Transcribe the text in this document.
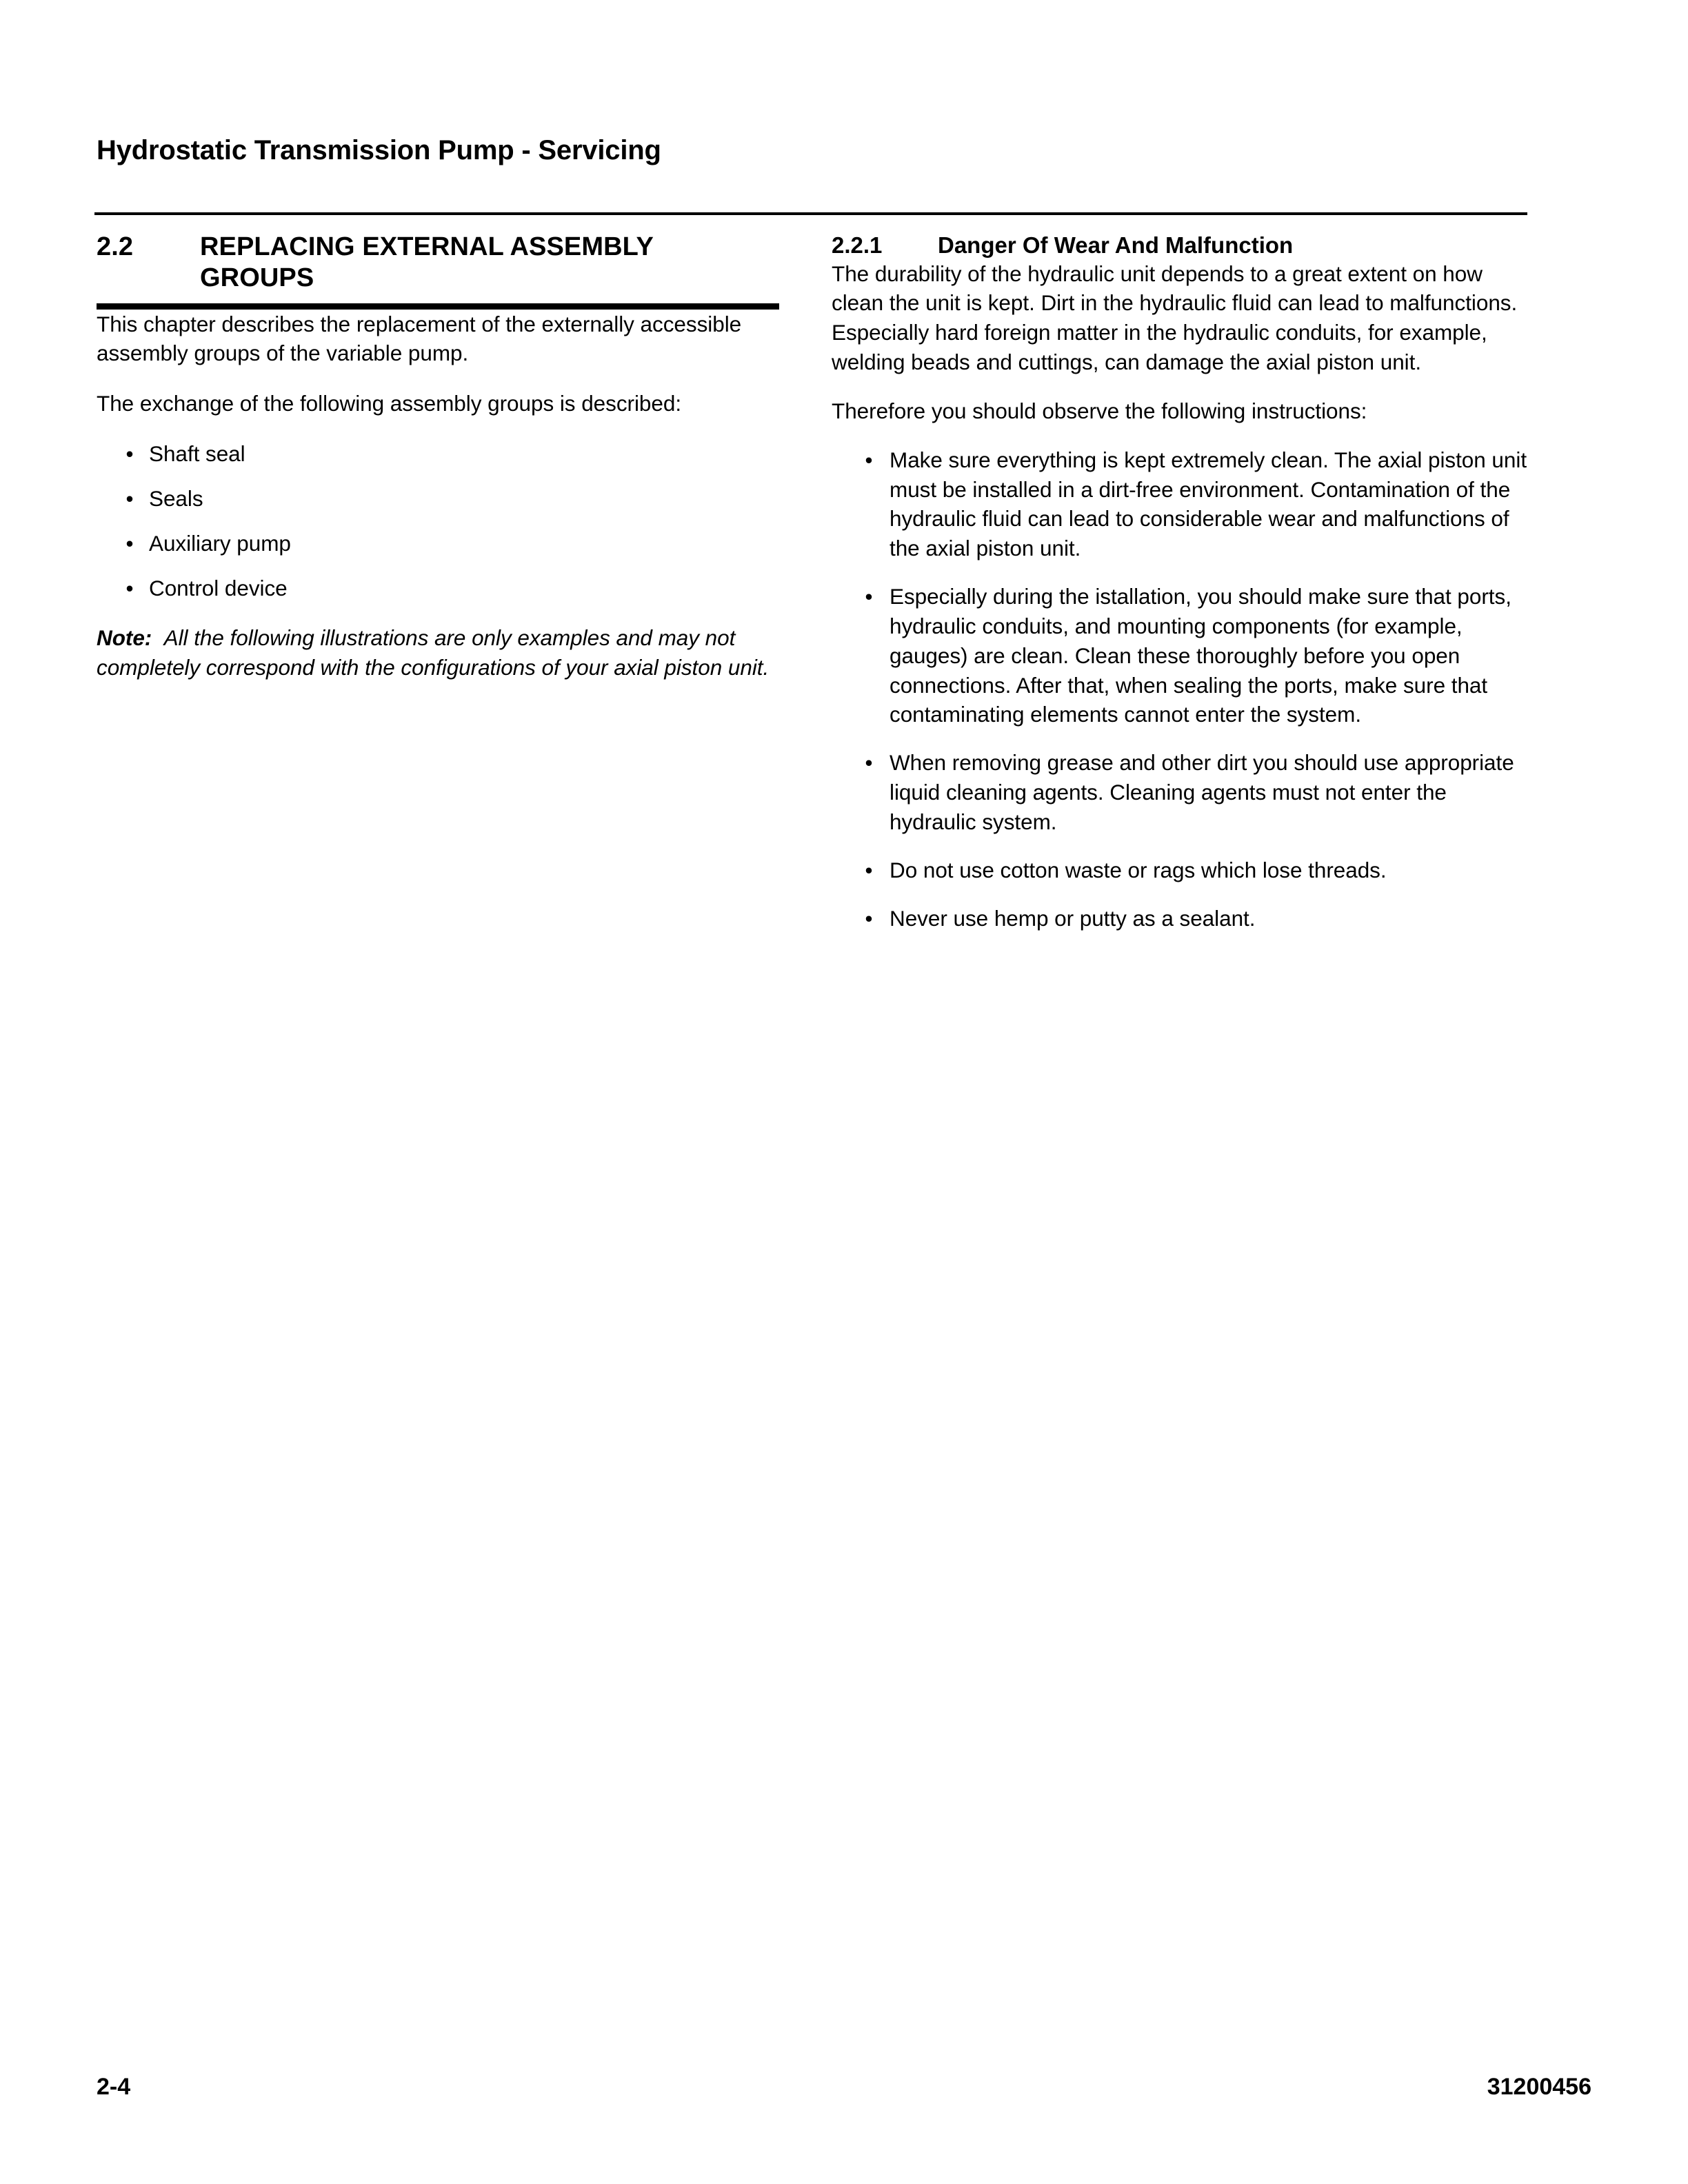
Hydrostatic Transmission Pump - Servicing
2.2	REPLACING EXTERNAL ASSEMBLY GROUPS

This chapter describes the replacement of the externally accessible assembly groups of the variable pump.

The exchange of the following assembly groups is described:

• Shaft seal
• Seals
• Auxiliary pump
• Control device

Note:  All the following illustrations are only examples and may not completely correspond with the configurations of your axial piston unit.

2.2.1	Danger Of Wear And Malfunction

The durability of the hydraulic unit depends to a great extent on how clean the unit is kept. Dirt in the hydraulic fluid can lead to malfunctions. Especially hard foreign matter in the hydraulic conduits, for example, welding beads and cuttings, can damage the axial piston unit.

Therefore you should observe the following instructions:

• Make sure everything is kept extremely clean. The axial piston unit must be installed in a dirt-free environment. Contamination of the hydraulic fluid can lead to considerable wear and malfunctions of the axial piston unit.
• Especially during the istallation, you should make sure that ports, hydraulic conduits, and mounting components (for example, gauges) are clean. Clean these thoroughly before you open connections. After that, when sealing the ports, make sure that contaminating elements cannot enter the system.
• When removing grease and other dirt you should use appropriate liquid cleaning agents. Cleaning agents must not enter the hydraulic system.
• Do not use cotton waste or rags which lose threads.
• Never use hemp or putty as a sealant.
2-4	31200456
